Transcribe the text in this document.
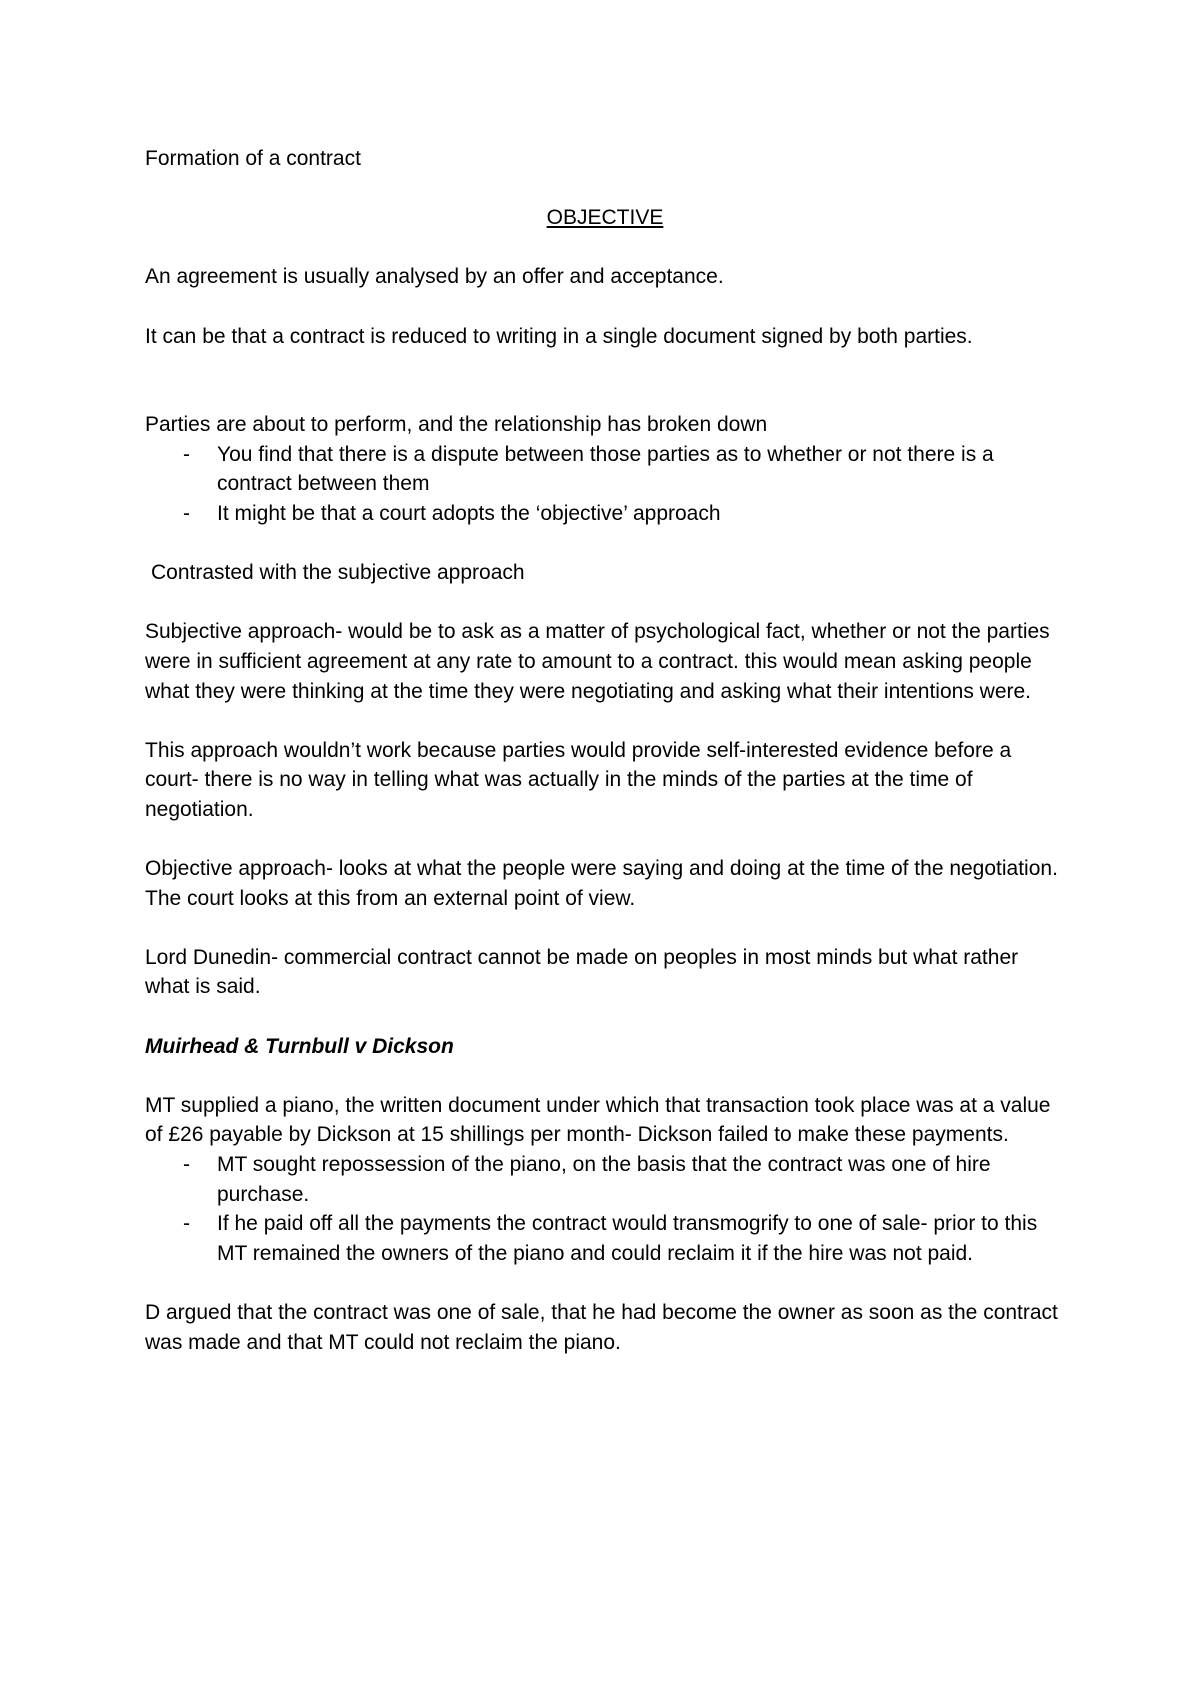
Formation of a contract

OBJECTIVE

An agreement is usually analysed by an offer and acceptance.

It can be that a contract is reduced to writing in a single document signed by both parties.

Parties are about to perform, and the relationship has broken down

- You find that there is a dispute between those parties as to whether or not there is a contract between them
- It might be that a court adopts the ‘objective’ approach

Contrasted with the subjective approach

Subjective approach- would be to ask as a matter of psychological fact, whether or not the parties were in sufficient agreement at any rate to amount to a contract. this would mean asking people what they were thinking at the time they were negotiating and asking what their intentions were.

This approach wouldn’t work because parties would provide self-interested evidence before a court- there is no way in telling what was actually in the minds of the parties at the time of negotiation.

Objective approach- looks at what the people were saying and doing at the time of the negotiation. The court looks at this from an external point of view.

Lord Dunedin- commercial contract cannot be made on peoples in most minds but what rather what is said.

Muirhead & Turnbull v Dickson

MT supplied a piano, the written document under which that transaction took place was at a value of £26 payable by Dickson at 15 shillings per month- Dickson failed to make these payments.

- MT sought repossession of the piano, on the basis that the contract was one of hire purchase.
- If he paid off all the payments the contract would transmogrify to one of sale- prior to this MT remained the owners of the piano and could reclaim it if the hire was not paid.

D argued that the contract was one of sale, that he had become the owner as soon as the contract was made and that MT could not reclaim the piano.
